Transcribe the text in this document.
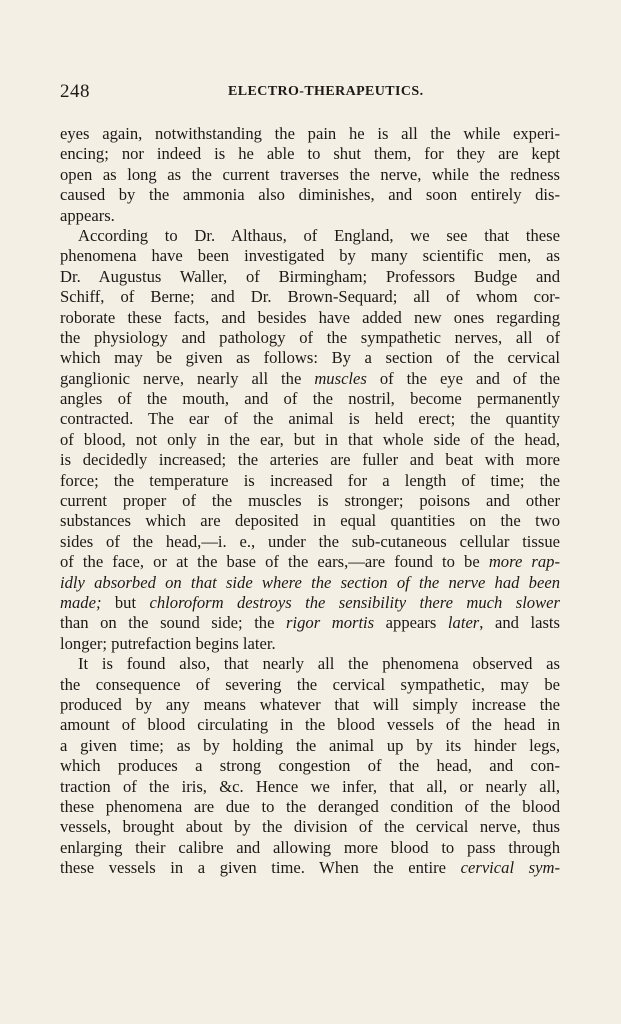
248	ELECTRO-THERAPEUTICS.
eyes again, notwithstanding the pain he is all the while experi-
encing; nor indeed is he able to shut them, for they are kept
open as long as the current traverses the nerve, while the redness
caused by the ammonia also diminishes, and soon entirely dis-
appears.
According to Dr. Althaus, of England, we see that these
phenomena have been investigated by many scientific men, as
Dr. Augustus Waller, of Birmingham; Professors Budge and
Schiff, of Berne; and Dr. Brown-Sequard; all of whom cor-
roborate these facts, and besides have added new ones regarding
the physiology and pathology of the sympathetic nerves, all of
which may be given as follows: By a section of the cervical
ganglionic nerve, nearly all the muscles of the eye and of the
angles of the mouth, and of the nostril, become permanently
contracted. The ear of the animal is held erect; the quantity
of blood, not only in the ear, but in that whole side of the head,
is decidedly increased; the arteries are fuller and beat with more
force; the temperature is increased for a length of time; the
current proper of the muscles is stronger; poisons and other
substances which are deposited in equal quantities on the two
sides of the head,—i. e., under the sub-cutaneous cellular tissue
of the face, or at the base of the ears,—are found to be more rap-
idly absorbed on that side where the section of the nerve had been
made; but chloroform destroys the sensibility there much slower
than on the sound side; the rigor mortis appears later, and lasts
longer; putrefaction begins later.
It is found also, that nearly all the phenomena observed as
the consequence of severing the cervical sympathetic, may be
produced by any means whatever that will simply increase the
amount of blood circulating in the blood vessels of the head in
a given time; as by holding the animal up by its hinder legs,
which produces a strong congestion of the head, and con-
traction of the iris, &c. Hence we infer, that all, or nearly all,
these phenomena are due to the deranged condition of the blood
vessels, brought about by the division of the cervical nerve, thus
enlarging their calibre and allowing more blood to pass through
these vessels in a given time. When the entire cervical sym-
